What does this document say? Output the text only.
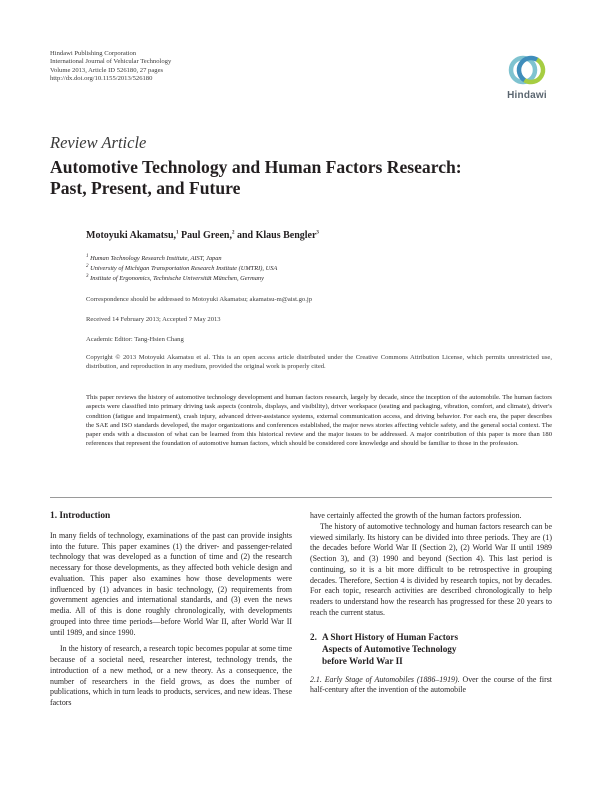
Hindawi Publishing Corporation
International Journal of Vehicular Technology
Volume 2013, Article ID 526180, 27 pages
http://dx.doi.org/10.1155/2013/526180
Hindawi
Review Article
Automotive Technology and Human Factors Research:
Past, Present, and Future
Motoyuki Akamatsu,$^1$ Paul Green,$^2$ and Klaus Bengler$^3$
$^1$ Human Technology Research Institute, AIST, Japan
$^2$ University of Michigan Transportation Research Institute (UMTRI), USA
$^3$ Institute of Ergonomics, Technische Universität München, Germany
Correspondence should be addressed to Motoyuki Akamatsu; akamatsu-m@aist.go.jp
Received 14 February 2013; Accepted 7 May 2013
Academic Editor: Tang-Hsien Chang
Copyright © 2013 Motoyuki Akamatsu et al. This is an open access article distributed under the Creative Commons Attribution License, which permits unrestricted use, distribution, and reproduction in any medium, provided the original work is properly cited.
This paper reviews the history of automotive technology development and human factors research, largely by decade, since the inception of the automobile. The human factors aspects were classified into primary driving task aspects (controls, displays, and visibility), driver workspace (seating and packaging, vibration, comfort, and climate), driver's condition (fatigue and impairment), crash injury, advanced driver-assistance systems, external communication access, and driving behavior. For each era, the paper describes the SAE and ISO standards developed, the major organizations and conferences established, the major news stories affecting vehicle safety, and the general social context. The paper ends with a discussion of what can be learned from this historical review and the major issues to be addressed. A major contribution of this paper is more than 180 references that represent the foundation of automotive human factors, which should be considered core knowledge and should be familiar to those in the profession.
1. Introduction

In many fields of technology, examinations of the past can provide insights into the future. This paper examines (1) the driver- and passenger-related technology that was developed as a function of time and (2) the research necessary for those developments, as they affected both vehicle design and evaluation. This paper also examines how those developments were influenced by (1) advances in basic technology, (2) requirements from government agencies and international standards, and (3) even the news media. All of this is done roughly chronologically, with developments grouped into three time periods—before World War II, after World War II until 1989, and since 1990.

In the history of research, a research topic becomes popular at some time because of a societal need, researcher interest, technology trends, the introduction of a new method, or a new theory. As a consequence, the number of researchers in the field grows, as does the number of publications, which in turn leads to products, services, and new ideas. These factors

have certainly affected the growth of the human factors profession.

The history of automotive technology and human factors research can be viewed similarly. Its history can be divided into three periods. They are (1) the decades before World War II (Section 2), (2) World War II until 1989 (Section 3), and (3) 1990 and beyond (Section 4). This last period is continuing, so it is a bit more difficult to be retrospective in grouping decades. Therefore, Section 4 is divided by research topics, not by decades. For each topic, research activities are described chronologically to help readers to understand how the research has progressed for these 20 years to reach the current status.

2. A Short History of Human Factors
Aspects of Automotive Technology
before World War II

2.1. Early Stage of Automobiles (1886–1919). Over the course of the first half-century after the invention of the automobile
